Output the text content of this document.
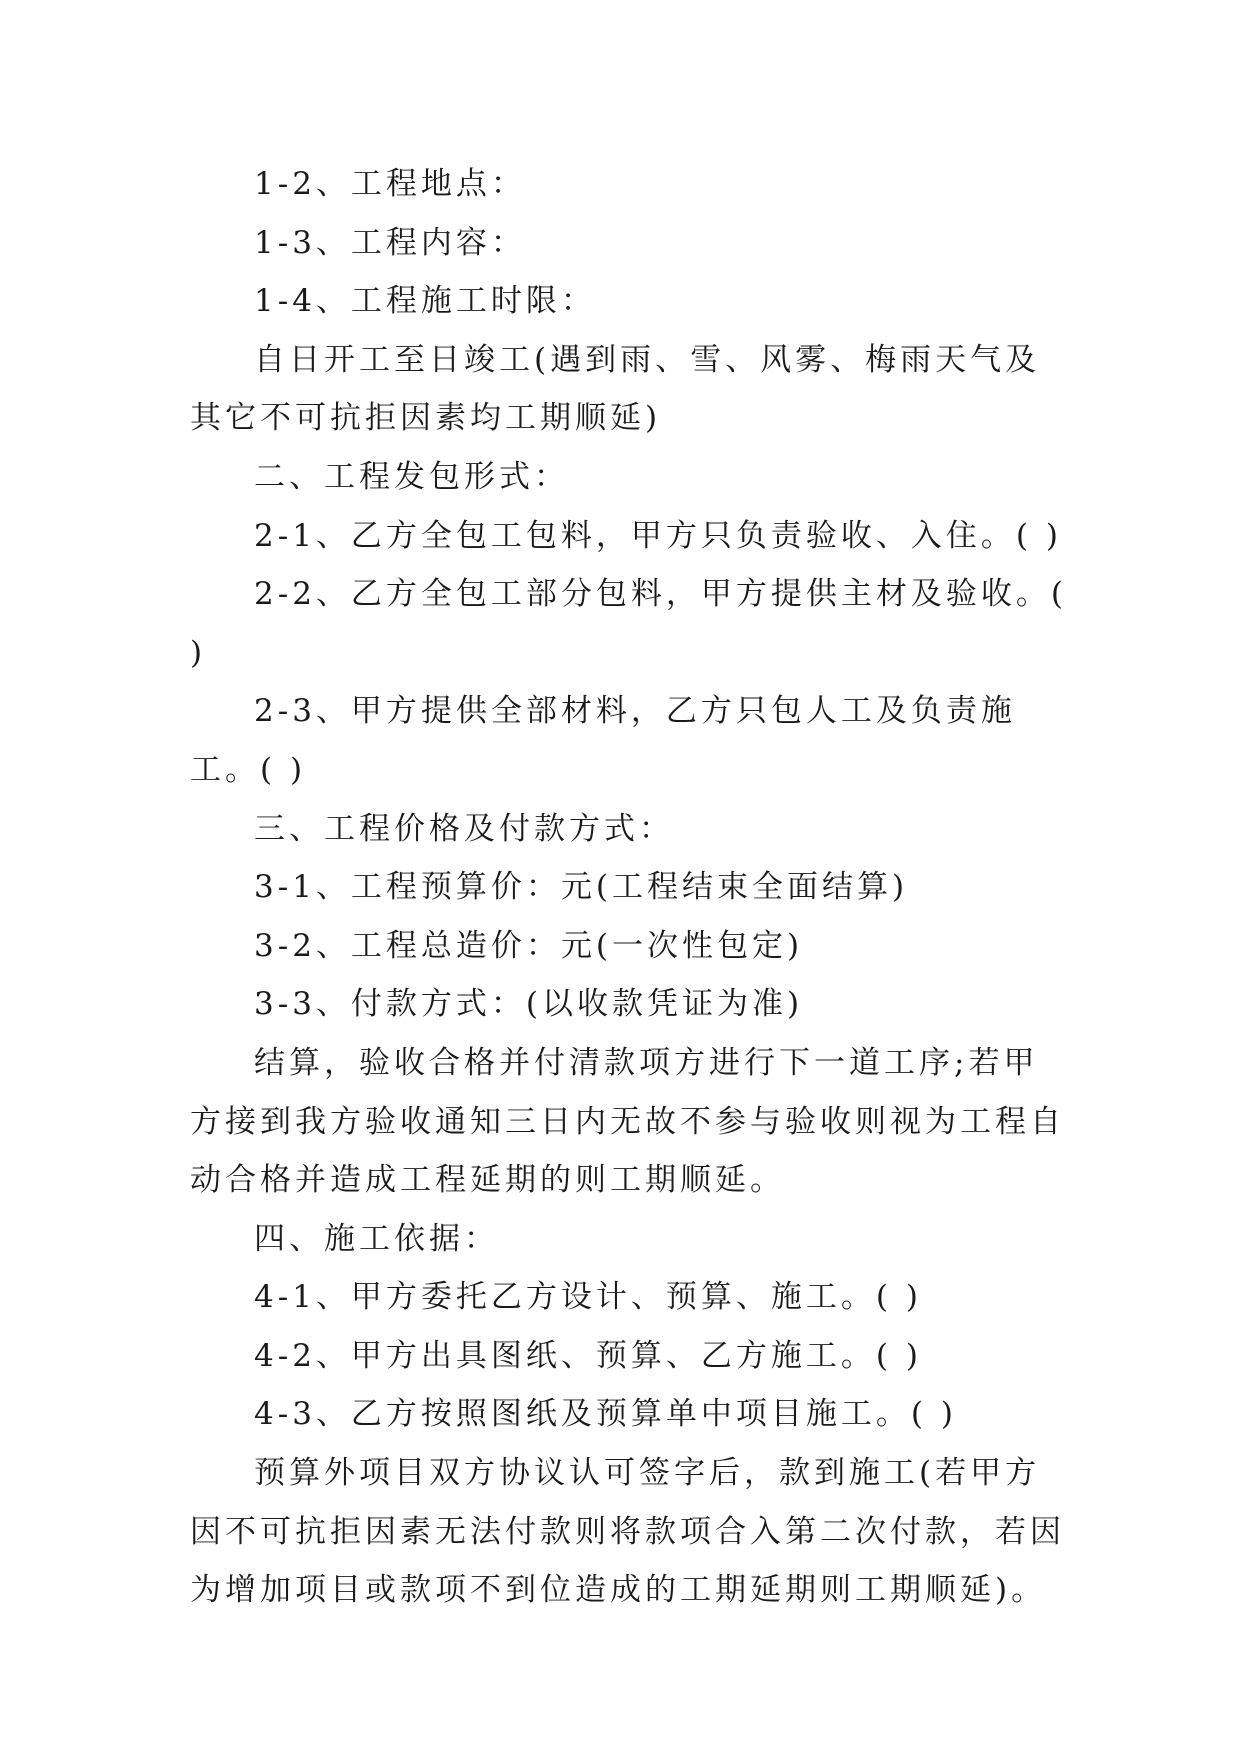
1-2、工程地点：

1-3、工程内容：

1-4、工程施工时限：

自日开工至日竣工(遇到雨、雪、风雾、梅雨天气及其它不可抗拒因素均工期顺延)

二、工程发包形式：

2-1、乙方全包工包料，甲方只负责验收、入住。( )

2-2、乙方全包工部分包料，甲方提供主材及验收。( )

2-3、甲方提供全部材料，乙方只包人工及负责施工。( )

三、工程价格及付款方式：

3-1、工程预算价：元(工程结束全面结算)

3-2、工程总造价：元(一次性包定)

3-3、付款方式：(以收款凭证为准)

结算，验收合格并付清款项方进行下一道工序;若甲方接到我方验收通知三日内无故不参与验收则视为工程自动合格并造成工程延期的则工期顺延。

四、施工依据：

4-1、甲方委托乙方设计、预算、施工。( )

4-2、甲方出具图纸、预算、乙方施工。( )

4-3、乙方按照图纸及预算单中项目施工。( )

预算外项目双方协议认可签字后，款到施工(若甲方因不可抗拒因素无法付款则将款项合入第二次付款，若因为增加项目或款项不到位造成的工期延期则工期顺延)。
